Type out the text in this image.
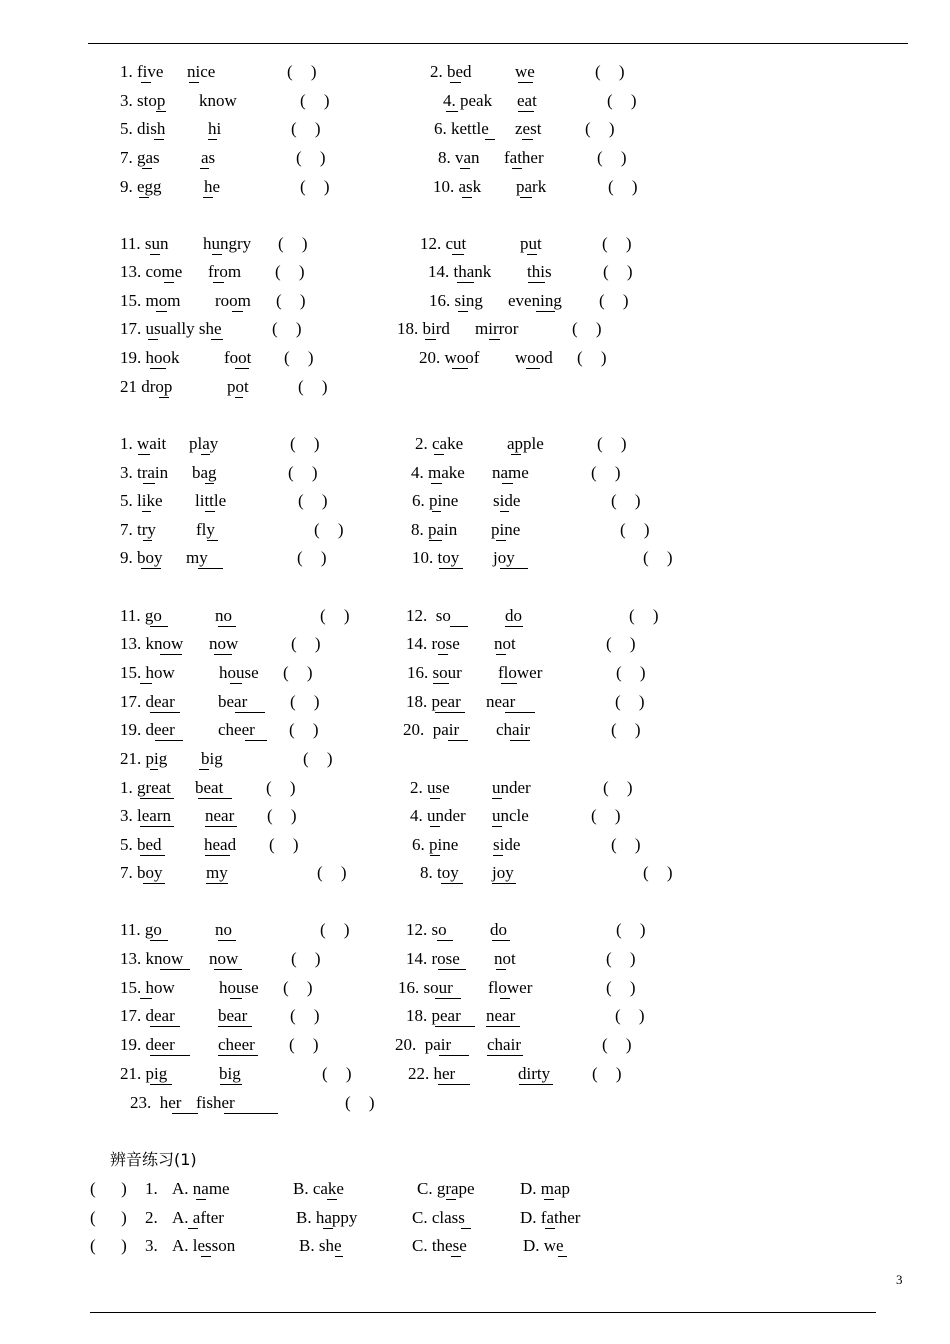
1. five nice	( )	2. bed	we	( )
3. stop know	( )	4. peak eat	( )
5. dish	hi	( )	6. kettle zest	( )
7. gas as	( )	8. van father	( )
9. egg he	( )	10. ask park	( )
11. sun hungry ( )	12. cut	put	( )
13. come from ( )	14. thank this	( )
15. mom room ( )	16. sing evening ( )
17. usually she	( )	18. bird mirror	( )
19. hook	foot ( )	20. woof wood ( )
21 drop	pot	( )
1. wait play	( )	2. cake	apple	( )
3. train bag	( )	4. make name	( )
5. like little	( )	6. pine side	( )
7. try fly	( )	8. pain pine	( )
9. boy my	( )	10. toy joy	( )
11. go	no	( )	12.  so	do	( )
13. know now	( )	14. rose not	( )
15. how	house ( )	16. sour flower	( )
17. dear	bear	( )	18. pear near	( )
19. deer	cheer ( )	20.  pair chair	( )
21. pig big	( )
1. great beat	( )	2. use under	( )
3. learn near ( )	4. under uncle	( )
5. bed head ( )	6. pine side	( )
7. boy	my	( )	8. toy joy	( )
11. go	no	( )	12. so	do	( )
13. know now	( )	14. rose not	( )
15. how	house ( )	16. sour flower	( )
17. dear	bear	( )	18. pear near	( )
19. deer	cheer ( )	20.  pair chair	( )
21. pig	big	( )	22. her	dirty ( )
23.  her fisher	( )
辨音练习(1)
(      ) 1. A. name	B. cake	C. grape	D. map
(      ) 2. A. after	B. happy	C. class	D. father
(      ) 3. A. lesson	B. she	C. these	D. we
3
